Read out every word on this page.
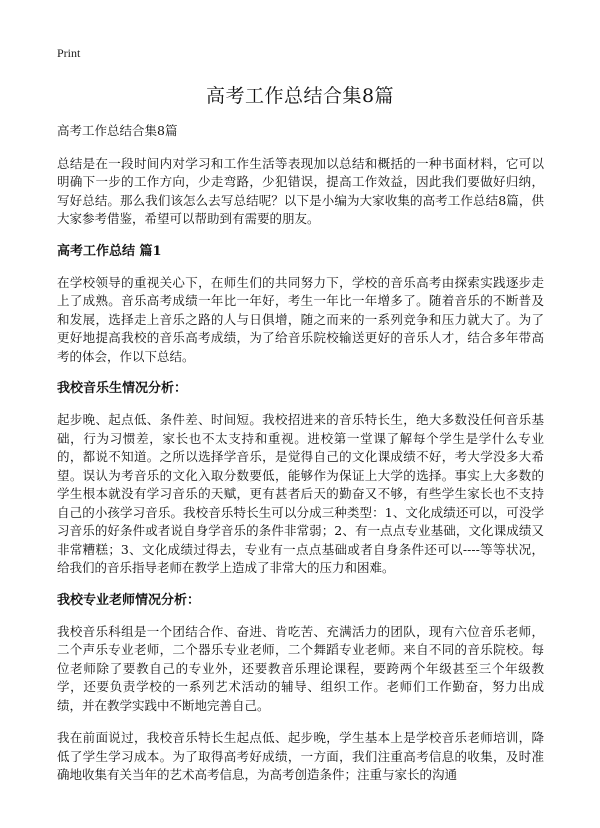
Print
高考工作总结合集8篇

高考工作总结合集8篇

总结是在一段时间内对学习和工作生活等表现加以总结和概括的一种书面材料，它可以明确下一步的工作方向，少走弯路，少犯错误，提高工作效益，因此我们要做好归纳，写好总结。那么我们该怎么去写总结呢？以下是小编为大家收集的高考工作总结8篇，供大家参考借鉴，希望可以帮助到有需要的朋友。

高考工作总结 篇1

在学校领导的重视关心下，在师生们的共同努力下，学校的音乐高考由探索实践逐步走上了成熟。音乐高考成绩一年比一年好，考生一年比一年增多了。随着音乐的不断普及和发展，选择走上音乐之路的人与日俱增，随之而来的一系列竞争和压力就大了。为了更好地提高我校的音乐高考成绩，为了给音乐院校输送更好的音乐人才，结合多年带高考的体会，作以下总结。

我校音乐生情况分析：

起步晚、起点低、条件差、时间短。我校招进来的音乐特长生，绝大多数没任何音乐基础，行为习惯差，家长也不太支持和重视。进校第一堂课了解每个学生是学什么专业的，都说不知道。之所以选择学音乐，是觉得自己的文化课成绩不好，考大学没多大希望。误认为考音乐的文化入取分数要低，能够作为保证上大学的选择。事实上大多数的学生根本就没有学习音乐的天赋，更有甚者后天的勤奋又不够，有些学生家长也不支持自己的小孩学习音乐。我校音乐特长生可以分成三种类型：1、文化成绩还可以，可没学习音乐的好条件或者说自身学音乐的条件非常弱；2、有一点点专业基础，文化课成绩又非常糟糕；3、文化成绩过得去，专业有一点点基础或者自身条件还可以----等等状况，给我们的音乐指导老师在教学上造成了非常大的压力和困难。

我校专业老师情况分析：

我校音乐科组是一个团结合作、奋进、肯吃苦、充满活力的团队，现有六位音乐老师，二个声乐专业老师，二个器乐专业老师，二个舞蹈专业老师。来自不同的音乐院校。每位老师除了要教自己的专业外，还要教音乐理论课程，要跨两个年级甚至三个年级教学，还要负责学校的一系列艺术活动的辅导、组织工作。老师们工作勤奋，努力出成绩，并在教学实践中不断地完善自己。

我在前面说过，我校音乐特长生起点低、起步晚，学生基本上是学校音乐老师培训，降低了学生学习成本。为了取得高考好成绩，一方面，我们注重高考信息的收集，及时准确地收集有关当年的艺术高考信息，为高考创造条件；注重与家长的沟通
